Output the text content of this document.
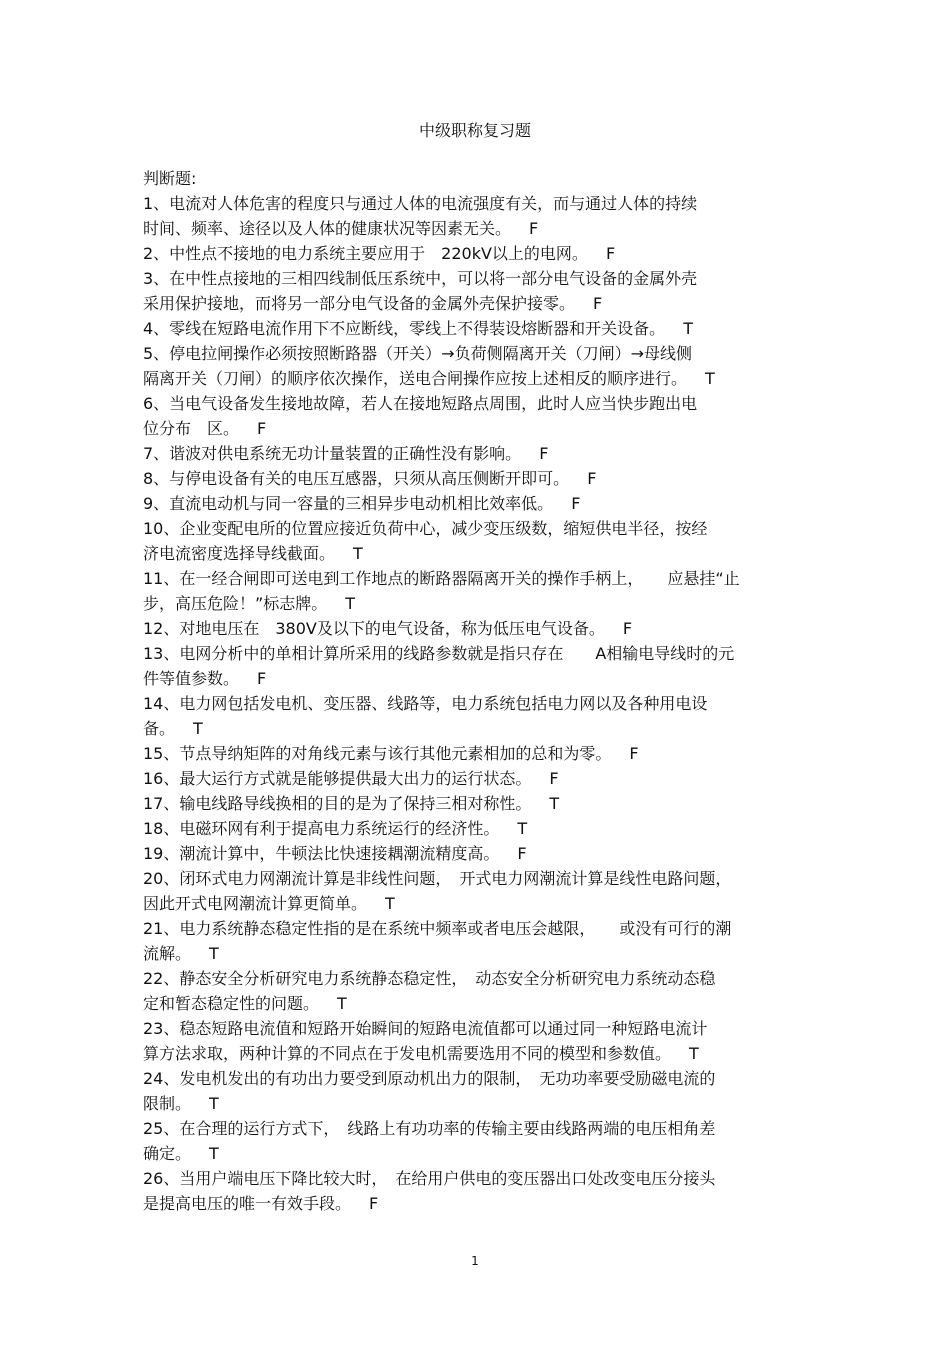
中级职称复习题
判断题:
1、电流对人体危害的程度只与通过人体的电流强度有关，而与通过人体的持续
时间、频率、途径以及人体的健康状况等因素无关。 F
2、中性点不接地的电力系统主要应用于　220kV以上的电网。 F
3、在中性点接地的三相四线制低压系统中，可以将一部分电气设备的金属外壳
采用保护接地，而将另一部分电气设备的金属外壳保护接零。 F
4、零线在短路电流作用下不应断线，零线上不得装设熔断器和开关设备。 T
5、停电拉闸操作必须按照断路器（开关）→负荷侧隔离开关（刀闸）→母线侧
隔离开关（刀闸）的顺序依次操作，送电合闸操作应按上述相反的顺序进行。 T
6、当电气设备发生接地故障，若人在接地短路点周围，此时人应当快步跑出电
位分布　区。 F
7、谐波对供电系统无功计量装置的正确性没有影响。 F
8、与停电设备有关的电压互感器，只须从高压侧断开即可。 F
9、直流电动机与同一容量的三相异步电动机相比效率低。 F
10、企业变配电所的位置应接近负荷中心，减少变压级数，缩短供电半径，按经
济电流密度选择导线截面。 T
11、在一经合闸即可送电到工作地点的断路器隔离开关的操作手柄上，　　应悬挂“止
步，高压危险！”标志牌。 T
12、对地电压在　380V及以下的电气设备，称为低压电气设备。 F
13、电网分析中的单相计算所采用的线路参数就是指只存在　　A相输电导线时的元
件等值参数。 F
14、电力网包括发电机、变压器、线路等，电力系统包括电力网以及各种用电设
备。 T
15、节点导纳矩阵的对角线元素与该行其他元素相加的总和为零。 F
16、最大运行方式就是能够提供最大出力的运行状态。 F
17、输电线路导线换相的目的是为了保持三相对称性。 T
18、电磁环网有利于提高电力系统运行的经济性。 T
19、潮流计算中，牛顿法比快速接耦潮流精度高。 F
20、闭环式电力网潮流计算是非线性问题，　开式电力网潮流计算是线性电路问题，
因此开式电网潮流计算更简单。 T
21、电力系统静态稳定性指的是在系统中频率或者电压会越限，　　或没有可行的潮
流解。 T
22、静态安全分析研究电力系统静态稳定性，　动态安全分析研究电力系统动态稳
定和暂态稳定性的问题。 T
23、稳态短路电流值和短路开始瞬间的短路电流值都可以通过同一种短路电流计
算方法求取，两种计算的不同点在于发电机需要选用不同的模型和参数值。 T
24、发电机发出的有功出力要受到原动机出力的限制，　无功功率要受励磁电流的
限制。 T
25、在合理的运行方式下，　线路上有功功率的传输主要由线路两端的电压相角差
确定。 T
26、当用户端电压下降比较大时，　在给用户供电的变压器出口处改变电压分接头
是提高电压的唯一有效手段。 F
1
